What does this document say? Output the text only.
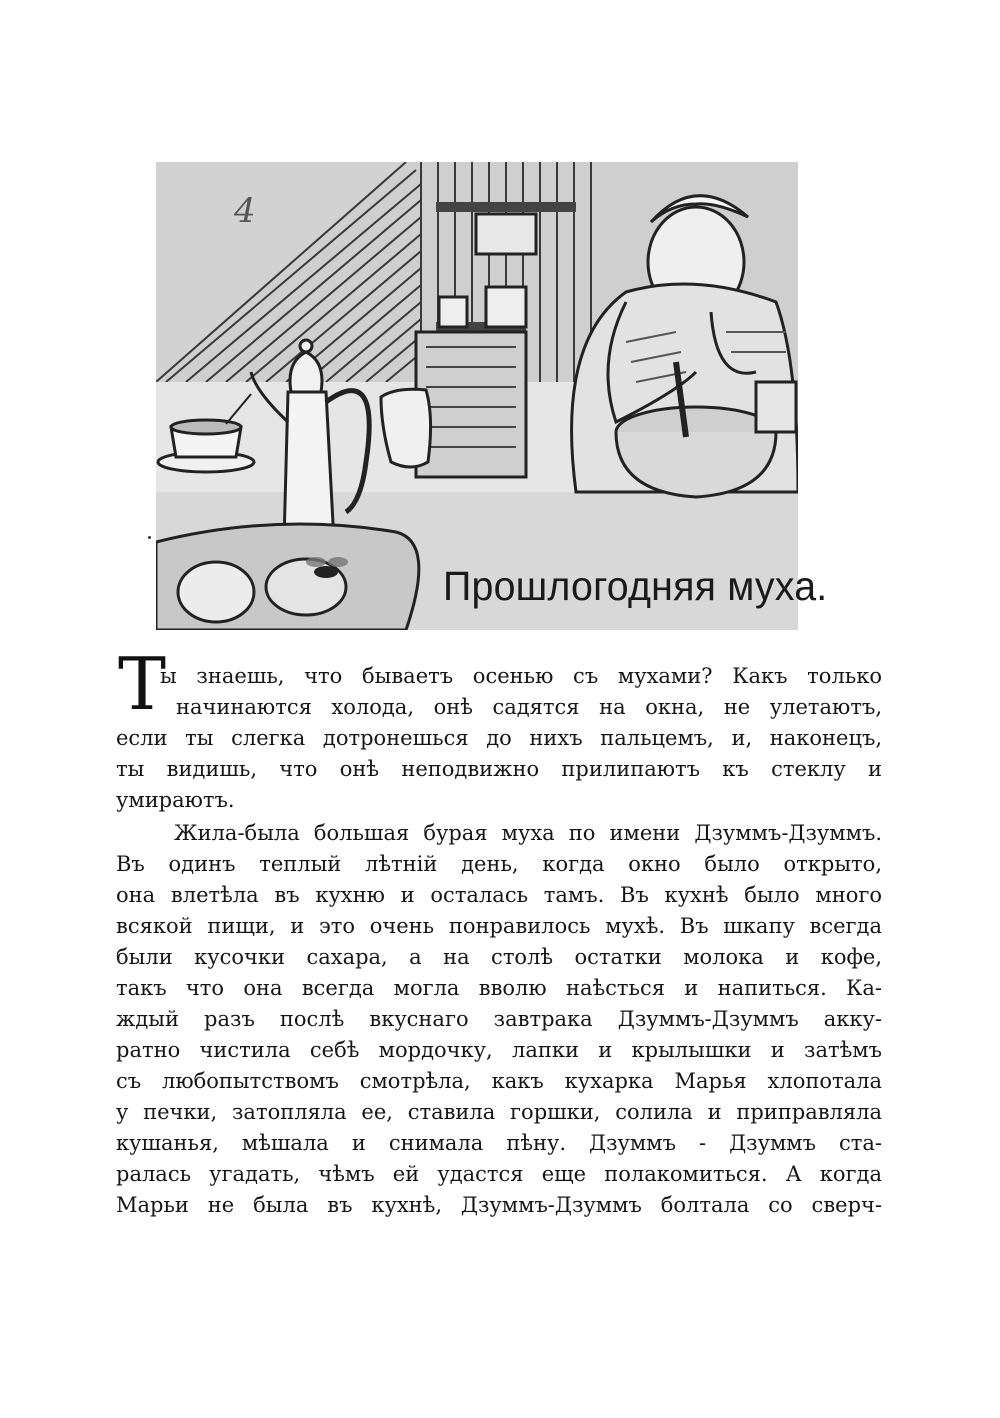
4
Прошлогодняя муха.
Т
ы знаешь, что бываетъ осенью съ мухами? Какъ только
начинаются холода, онѣ садятся на окна, не улетаютъ,
если ты слегка дотронешься до нихъ пальцемъ, и, наконецъ,
ты видишь, что онѣ неподвижно прилипаютъ къ стеклу и
умираютъ.
Жила-была большая бурая муха по имени Дзуммъ-Дзуммъ.
Въ одинъ теплый лѣтній день, когда окно было открыто,
она влетѣла въ кухню и осталась тамъ. Въ кухнѣ было много
всякой пищи, и это очень понравилось мухѣ. Въ шкапу всегда
были кусочки сахара, а на столѣ остатки молока и кофе,
такъ что она всегда могла вволю наѣсться и напиться. Ка-
ждый разъ послѣ вкуснаго завтрака Дзуммъ-Дзуммъ акку-
ратно чистила себѣ мордочку, лапки и крылышки и затѣмъ
съ любопытствомъ смотрѣла, какъ кухарка Марья хлопотала
у печки, затопляла ее, ставила горшки, солила и приправляла
кушанья, мѣшала и снимала пѣну. Дзуммъ - Дзуммъ ста-
ралась угадать, чѣмъ ей удастся еще полакомиться. А когда
Марьи не была въ кухнѣ, Дзуммъ-Дзуммъ болтала со сверч-
